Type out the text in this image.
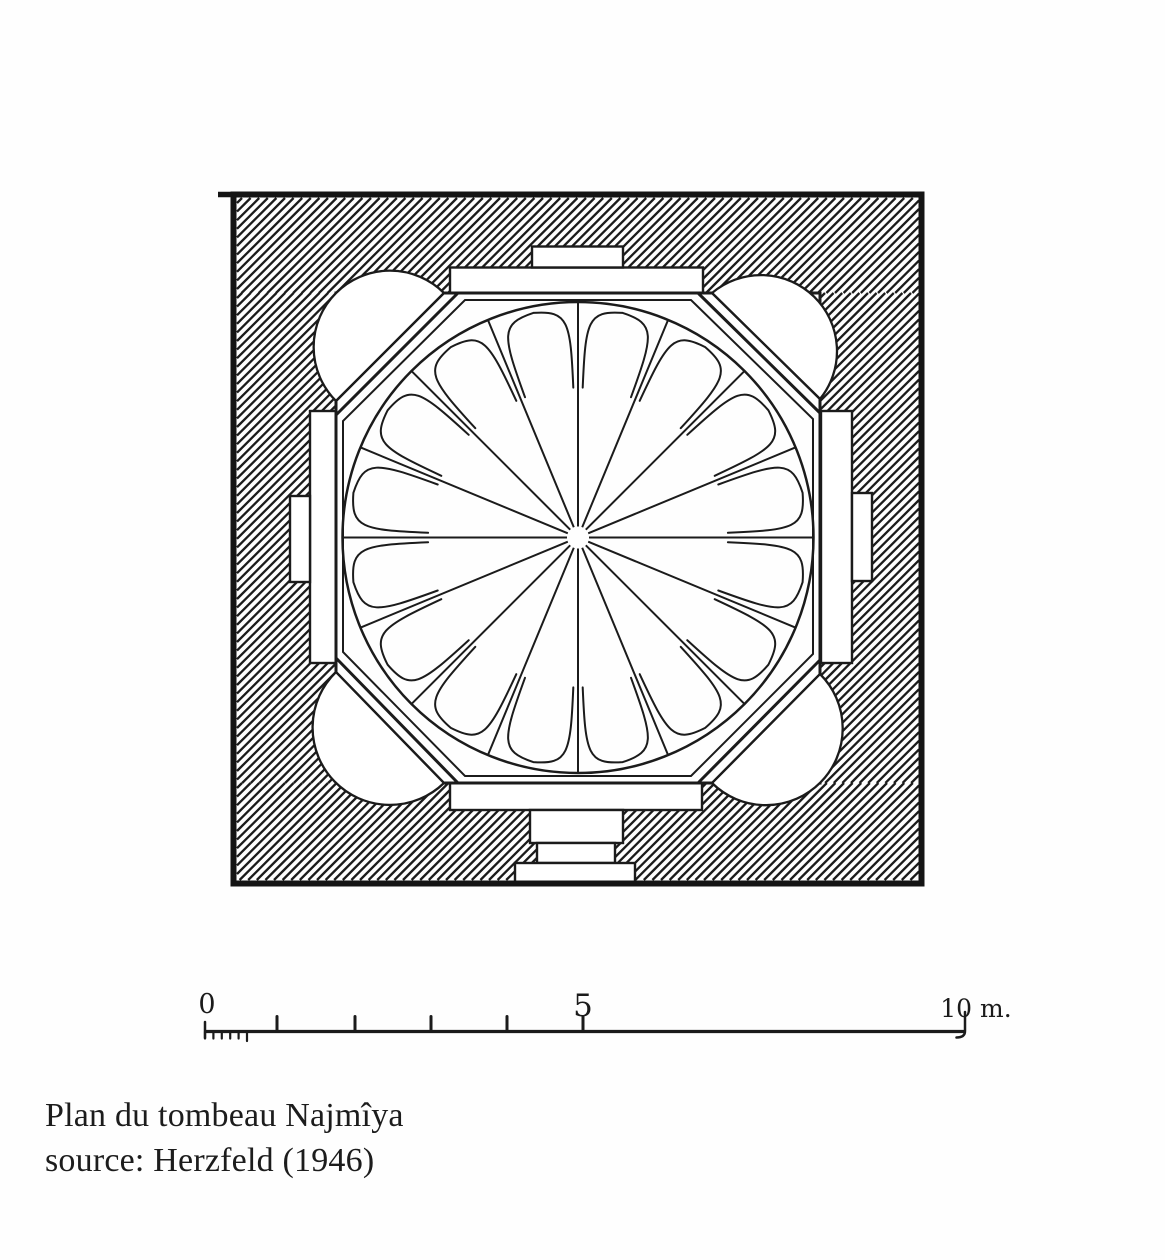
0	5	10 m.
Plan du tombeau Najmîya
source: Herzfeld (1946)
